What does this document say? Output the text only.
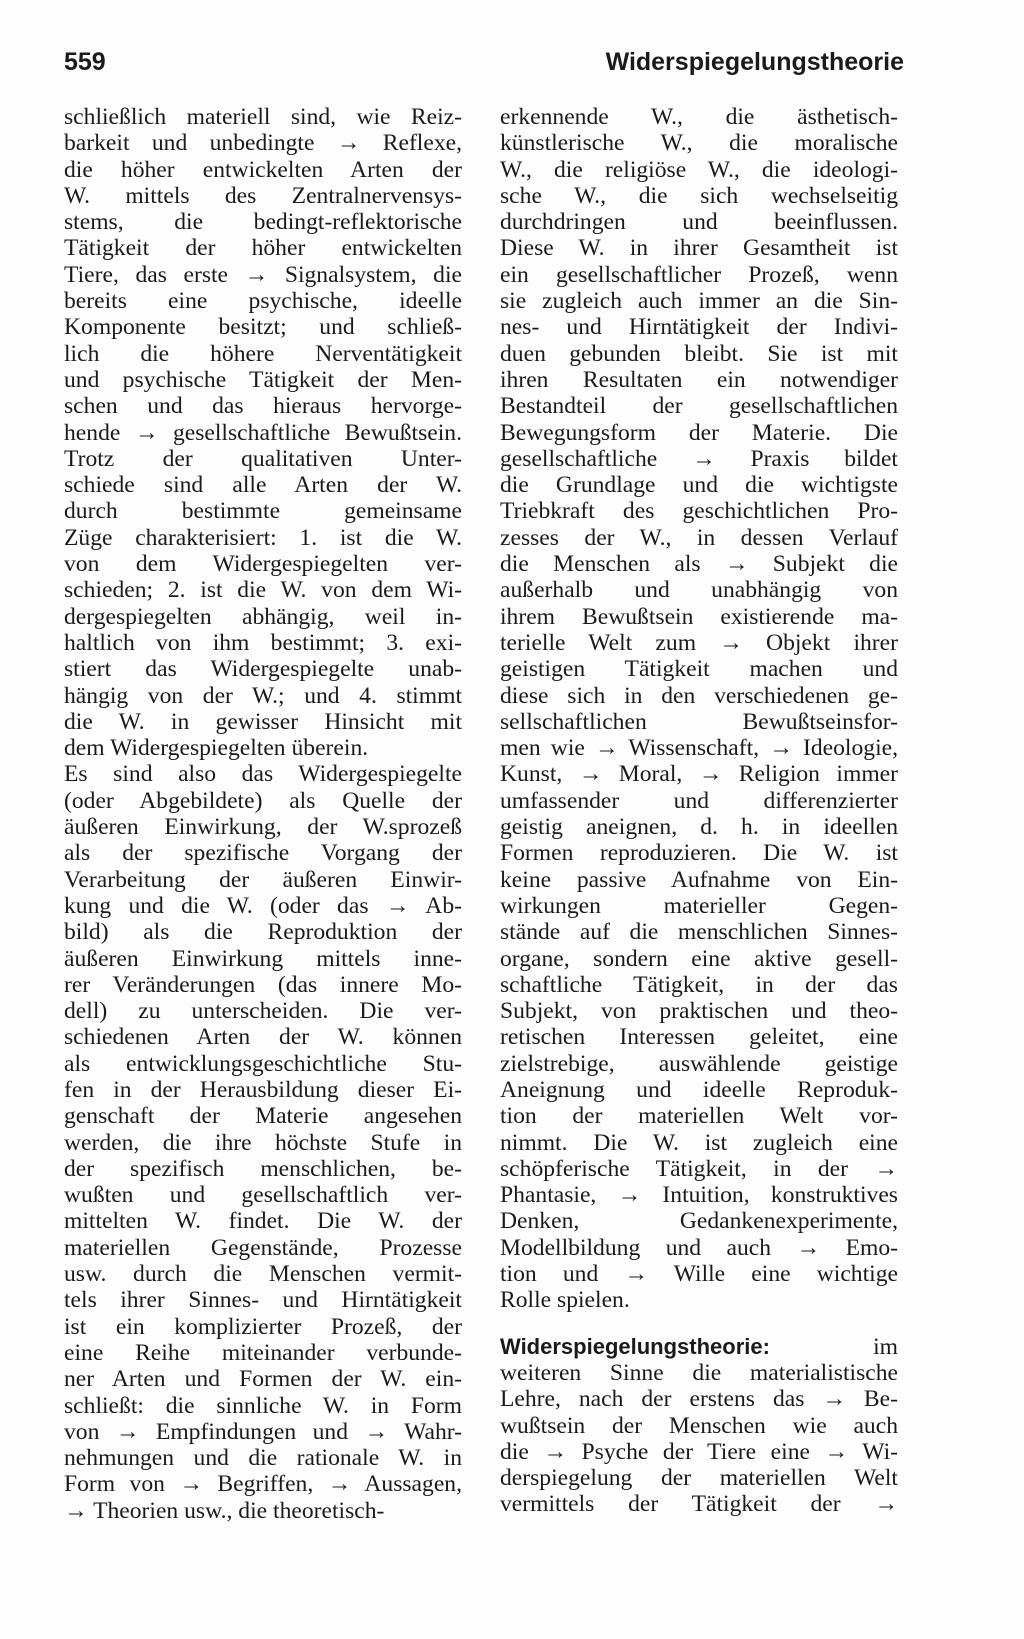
559	Widerspiegelungstheorie
schließlich materiell sind, wie Reiz-
barkeit und unbedingte → Reflexe,
die höher entwickelten Arten der
W. mittels des Zentralnervensys-
stems, die bedingt-reflektorische
Tätigkeit der höher entwickelten
Tiere, das erste → Signalsystem, die
bereits eine psychische, ideelle
Komponente besitzt; und schließ-
lich die höhere Nerventätigkeit
und psychische Tätigkeit der Men-
schen und das hieraus hervorge-
hende → gesellschaftliche Bewußtsein.
Trotz der qualitativen Unter-
schiede sind alle Arten der W.
durch bestimmte gemeinsame
Züge charakterisiert: 1. ist die W.
von dem Widergespiegelten ver-
schieden; 2. ist die W. von dem Wi-
dergespiegelten abhängig, weil in-
haltlich von ihm bestimmt; 3. exi-
stiert das Widergespiegelte unab-
hängig von der W.; und 4. stimmt
die W. in gewisser Hinsicht mit
dem Widergespiegelten überein.
Es sind also das Widergespiegelte
(oder Abgebildete) als Quelle der
äußeren Einwirkung, der W.sprozeß
als der spezifische Vorgang der
Verarbeitung der äußeren Einwir-
kung und die W. (oder das → Ab-
bild) als die Reproduktion der
äußeren Einwirkung mittels inne-
rer Veränderungen (das innere Mo-
dell) zu unterscheiden. Die ver-
schiedenen Arten der W. können
als entwicklungsgeschichtliche Stu-
fen in der Herausbildung dieser Ei-
genschaft der Materie angesehen
werden, die ihre höchste Stufe in
der spezifisch menschlichen, be-
wußten und gesellschaftlich ver-
mittelten W. findet. Die W. der
materiellen Gegenstände, Prozesse
usw. durch die Menschen vermit-
tels ihrer Sinnes- und Hirntätigkeit
ist ein komplizierter Prozeß, der
eine Reihe miteinander verbunde-
ner Arten und Formen der W. ein-
schließt: die sinnliche W. in Form
von → Empfindungen und → Wahr-
nehmungen und die rationale W. in
Form von → Begriffen, → Aussagen,
→ Theorien usw., die theoretisch-
erkennende W., die ästhetisch-
künstlerische W., die moralische
W., die religiöse W., die ideologi-
sche W., die sich wechselseitig
durchdringen und beeinflussen.
Diese W. in ihrer Gesamtheit ist
ein gesellschaftlicher Prozeß, wenn
sie zugleich auch immer an die Sin-
nes- und Hirntätigkeit der Indivi-
duen gebunden bleibt. Sie ist mit
ihren Resultaten ein notwendiger
Bestandteil der gesellschaftlichen
Bewegungsform der Materie. Die
gesellschaftliche → Praxis bildet
die Grundlage und die wichtigste
Triebkraft des geschichtlichen Pro-
zesses der W., in dessen Verlauf
die Menschen als → Subjekt die
außerhalb und unabhängig von
ihrem Bewußtsein existierende ma-
terielle Welt zum → Objekt ihrer
geistigen Tätigkeit machen und
diese sich in den verschiedenen ge-
sellschaftlichen Bewußtseinsfor-
men wie → Wissenschaft, → Ideologie,
Kunst, → Moral, → Religion immer
umfassender und differenzierter
geistig aneignen, d. h. in ideellen
Formen reproduzieren. Die W. ist
keine passive Aufnahme von Ein-
wirkungen materieller Gegen-
stände auf die menschlichen Sinnes-
organe, sondern eine aktive gesell-
schaftliche Tätigkeit, in der das
Subjekt, von praktischen und theo-
retischen Interessen geleitet, eine
zielstrebige, auswählende geistige
Aneignung und ideelle Reproduk-
tion der materiellen Welt vor-
nimmt. Die W. ist zugleich eine
schöpferische Tätigkeit, in der →
Phantasie, → Intuition, konstruktives
Denken, Gedankenexperimente,
Modellbildung und auch → Emo-
tion und → Wille eine wichtige
Rolle spielen.
Widerspiegelungstheorie:	im
weiteren Sinne die materialistische
Lehre, nach der erstens das → Be-
wußtsein der Menschen wie auch
die → Psyche der Tiere eine → Wi-
derspiegelung der materiellen Welt
vermittels der Tätigkeit der →
